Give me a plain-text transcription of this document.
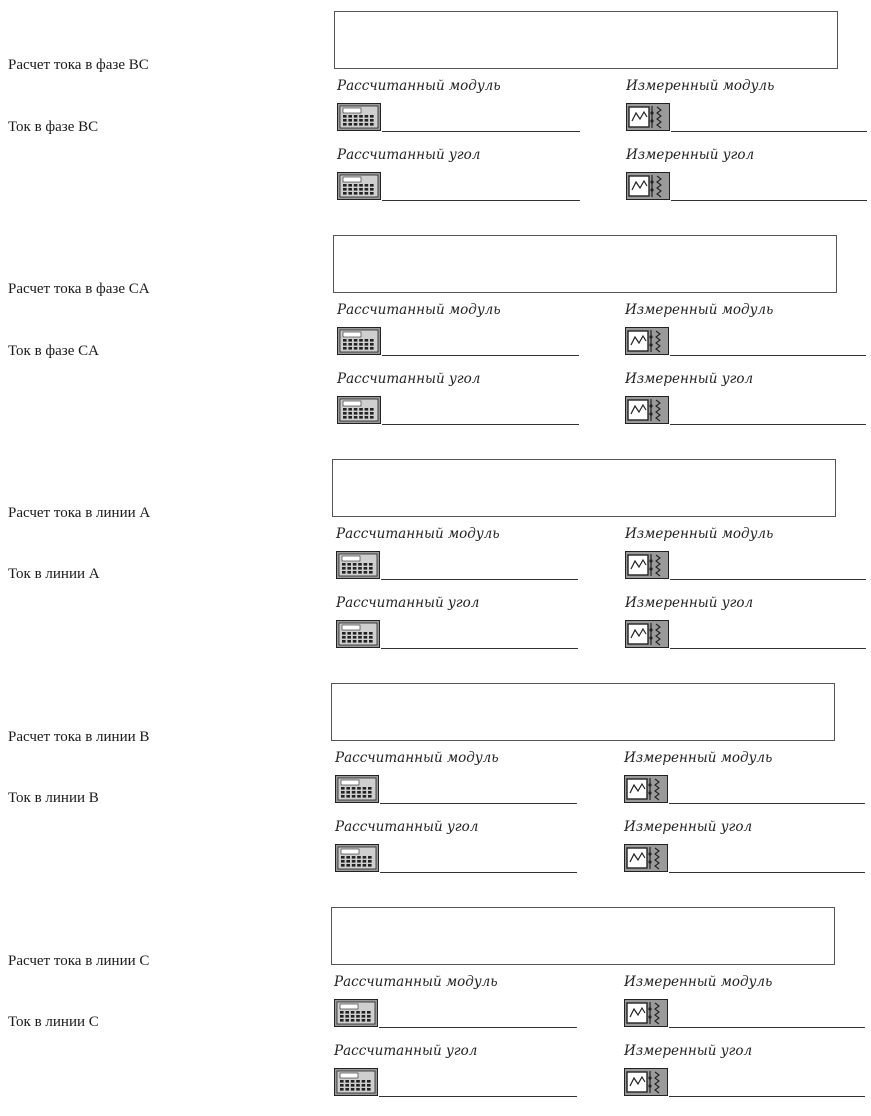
Расчет тока в фазе BC
Ток в фазе BC
Рассчитанный модуль	Измеренный модуль
Рассчитанный угол	Измеренный угол
Расчет тока в фазе CA
Ток в фазе CA
Рассчитанный модуль	Измеренный модуль
Рассчитанный угол	Измеренный угол
Расчет тока в линии A
Ток в линии A
Рассчитанный модуль	Измеренный модуль
Рассчитанный угол	Измеренный угол
Расчет тока в линии B
Ток в линии B
Рассчитанный модуль	Измеренный модуль
Рассчитанный угол	Измеренный угол
Расчет тока в линии C
Ток в линии C
Рассчитанный модуль	Измеренный модуль
Рассчитанный угол	Измеренный угол
